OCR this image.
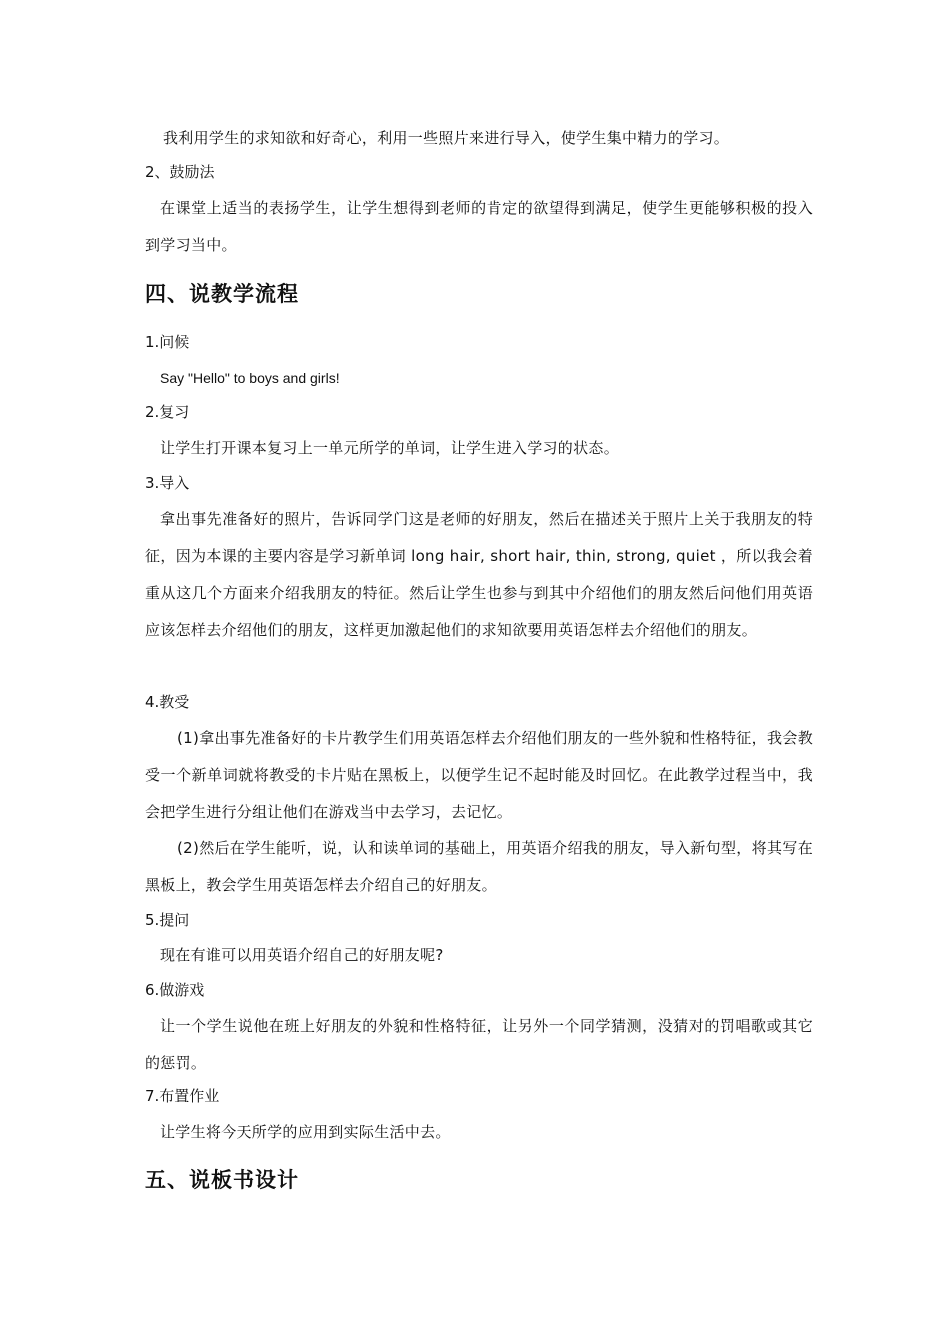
我利用学生的求知欲和好奇心，利用一些照片来进行导入，使学生集中精力的学习。
2、鼓励法
在课堂上适当的表扬学生，让学生想得到老师的肯定的欲望得到满足，使学生更能够积极的投入到学习当中。
四、说教学流程
1.问候
Say "Hello" to boys and girls!
2.复习
让学生打开课本复习上一单元所学的单词，让学生进入学习的状态。
3.导入
拿出事先准备好的照片，告诉同学门这是老师的好朋友，然后在描述关于照片上关于我朋友的特征，因为本课的主要内容是学习新单词 long hair, short hair, thin, strong, quiet ，所以我会着重从这几个方面来介绍我朋友的特征。然后让学生也参与到其中介绍他们的朋友然后问他们用英语应该怎样去介绍他们的朋友，这样更加激起他们的求知欲要用英语怎样去介绍他们的朋友。
4.教受
(1)拿出事先准备好的卡片教学生们用英语怎样去介绍他们朋友的一些外貌和性格特征，我会教受一个新单词就将教受的卡片贴在黑板上，以便学生记不起时能及时回忆。在此教学过程当中，我会把学生进行分组让他们在游戏当中去学习，去记忆。
(2)然后在学生能听，说，认和读单词的基础上，用英语介绍我的朋友，导入新句型，将其写在黑板上，教会学生用英语怎样去介绍自己的好朋友。
5.提问
现在有谁可以用英语介绍自己的好朋友呢?
6.做游戏
让一个学生说他在班上好朋友的外貌和性格特征，让另外一个同学猜测，没猜对的罚唱歌或其它的惩罚。
7.布置作业
让学生将今天所学的应用到实际生活中去。
五、说板书设计
